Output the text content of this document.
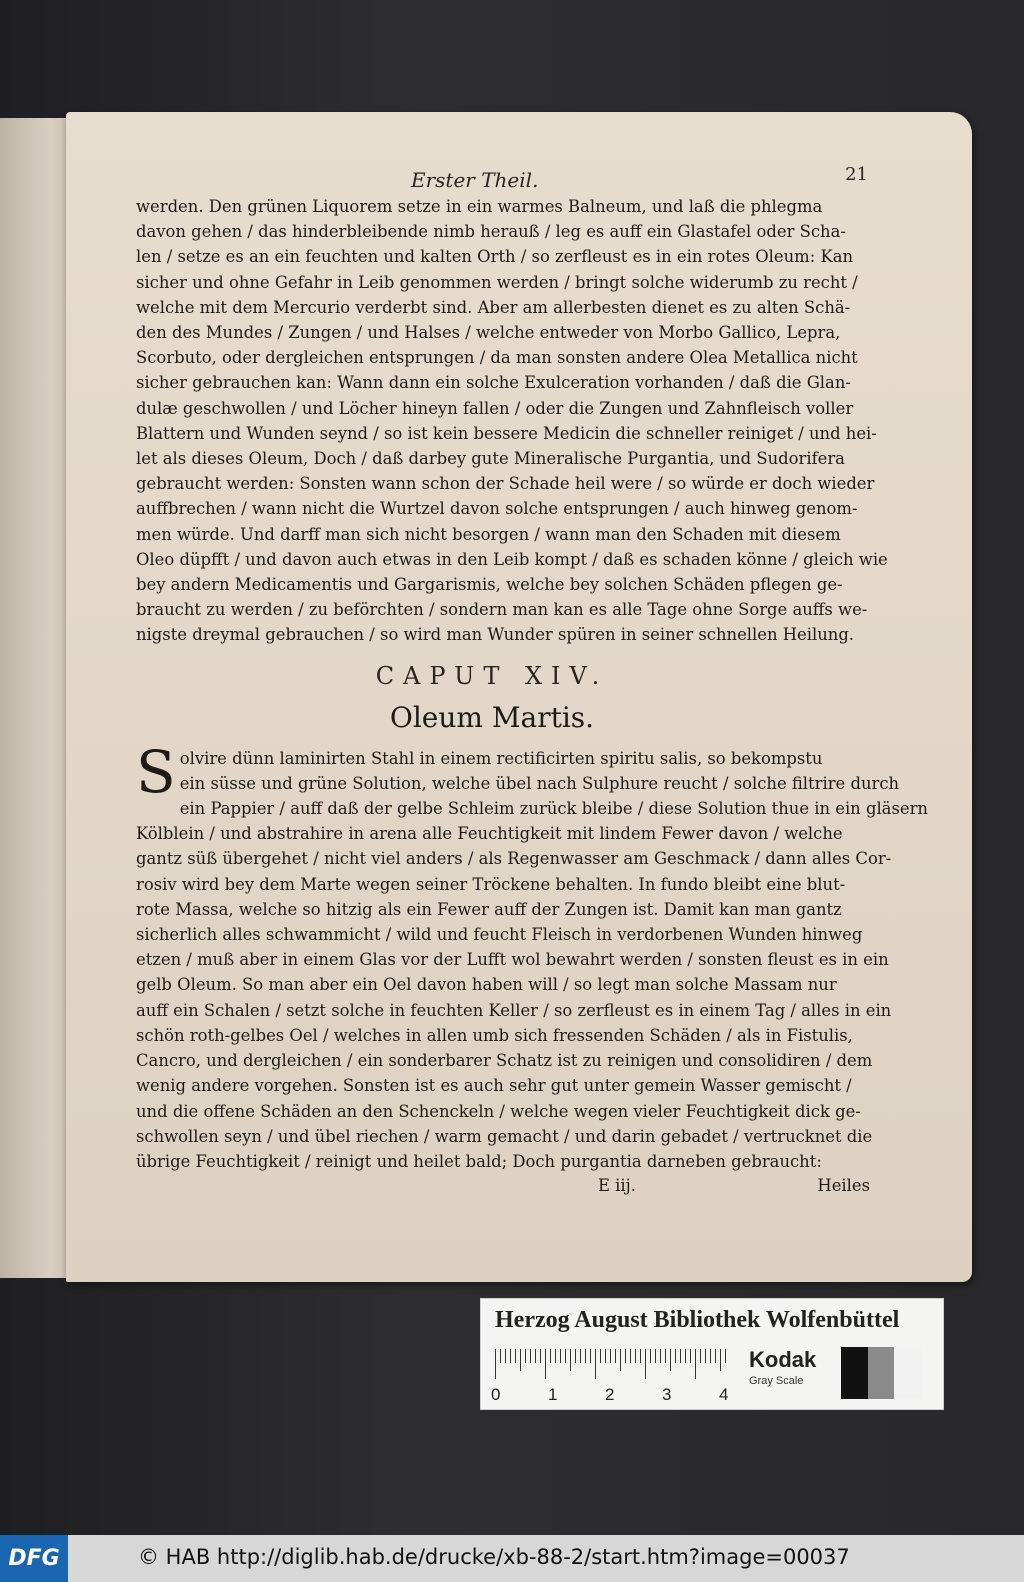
Erster Theil.	21

werden. Den grünen Liquorem setze in ein warmes Balneum, und laß die phlegma
davon gehen / das hinderbleibende nimb herauß / leg es auff ein Glastafel oder Scha-
len / setze es an ein feuchten und kalten Orth / so zerfleust es in ein rotes Oleum: Kan
sicher und ohne Gefahr in Leib genommen werden / bringt solche widerumb zu recht /
welche mit dem Mercurio verderbt sind. Aber am allerbesten dienet es zu alten Schä-
den des Mundes / Zungen / und Halses / welche entweder von Morbo Gallico, Lepra,
Scorbuto, oder dergleichen entsprungen / da man sonsten andere Olea Metallica nicht
sicher gebrauchen kan: Wann dann ein solche Exulceration vorhanden / daß die Glan-
dulæ geschwollen / und Löcher hineyn fallen / oder die Zungen und Zahnfleisch voller
Blattern und Wunden seynd / so ist kein bessere Medicin die schneller reiniget / und hei-
let als dieses Oleum, Doch / daß darbey gute Mineralische Purgantia, und Sudorifera
gebraucht werden: Sonsten wann schon der Schade heil were / so würde er doch wieder
auffbrechen / wann nicht die Wurtzel davon solche entsprungen / auch hinweg genom-
men würde. Und darff man sich nicht besorgen / wann man den Schaden mit diesem
Oleo düpfft / und davon auch etwas in den Leib kompt / daß es schaden könne / gleich wie
bey andern Medicamentis und Gargarismis, welche bey solchen Schäden pflegen ge-
braucht zu werden / zu beförchten / sondern man kan es alle Tage ohne Sorge auffs we-
nigste dreymal gebrauchen / so wird man Wunder spüren in seiner schnellen Heilung.

CAPUT XIV.
Oleum Martis.

S olvire dünn laminirten Stahl in einem rectificirten spiritu salis, so bekompstu
ein süsse und grüne Solution, welche übel nach Sulphure reucht / solche filtrire durch
ein Pappier / auff daß der gelbe Schleim zurück bleibe / diese Solution thue in ein gläsern
Kölblein / und abstrahire in arena alle Feuchtigkeit mit lindem Fewer davon / welche
gantz süß übergehet / nicht viel anders / als Regenwasser am Geschmack / dann alles Cor-
rosiv wird bey dem Marte wegen seiner Tröckene behalten. In fundo bleibt eine blut-
rote Massa, welche so hitzig als ein Fewer auff der Zungen ist. Damit kan man gantz
sicherlich alles schwammicht / wild und feucht Fleisch in verdorbenen Wunden hinweg
etzen / muß aber in einem Glas vor der Lufft wol bewahrt werden / sonsten fleust es in ein
gelb Oleum. So man aber ein Oel davon haben will / so legt man solche Massam nur
auff ein Schalen / setzt solche in feuchten Keller / so zerfleust es in einem Tag / alles in ein
schön roth-gelbes Oel / welches in allen umb sich fressenden Schäden / als in Fistulis,
Cancro, und dergleichen / ein sonderbarer Schatz ist zu reinigen und consolidiren / dem
wenig andere vorgehen. Sonsten ist es auch sehr gut unter gemein Wasser gemischt /
und die offene Schäden an den Schenckeln / welche wegen vieler Feuchtigkeit dick ge-
schwollen seyn / und übel riechen / warm gemacht / und darin gebadet / vertrucknet die
übrige Feuchtigkeit / reinigt und heilet bald; Doch purgantia darneben gebraucht:

E iij.	Heiles
Herzog August Bibliothek Wolfenbüttel
0	1	2	3	4
Kodak
Gray Scale
DFG	© HAB http://diglib.hab.de/drucke/xb-88-2/start.htm?image=00037
